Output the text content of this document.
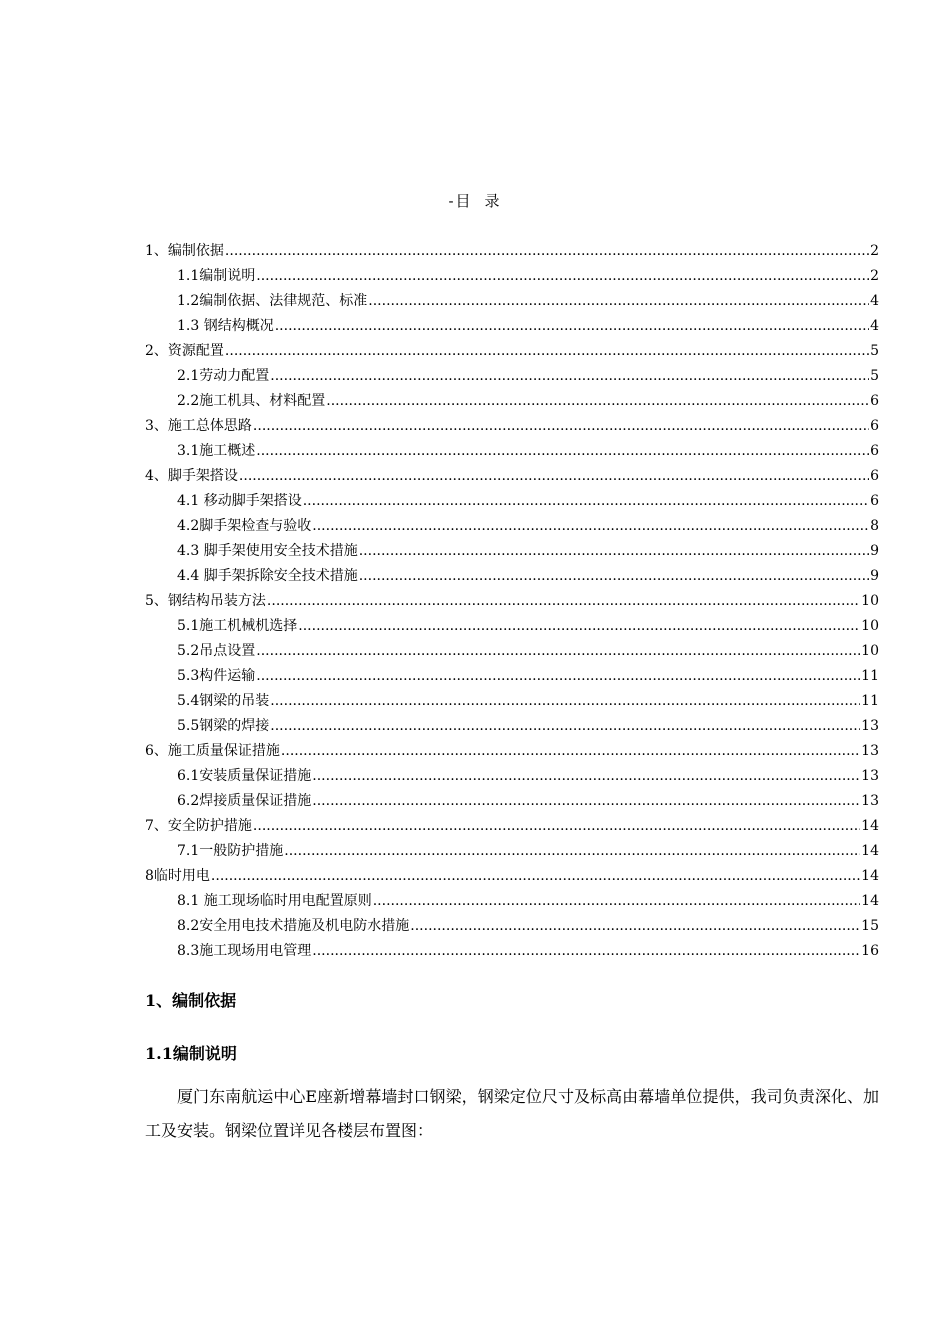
-目 录
1、编制依据 .....	2
1.1编制说明 .....	2
1.2编制依据、法律规范、标准 .....	4
1.3 钢结构概况 .....	4
2、资源配置 .....	5
2.1劳动力配置 .....	5
2.2施工机具、材料配置 .....	6
3、施工总体思路 .....	6
3.1施工概述 .....	6
4、脚手架搭设 .....	6
4.1 移动脚手架搭设 .....	6
4.2脚手架检查与验收 .....	8
4.3 脚手架使用安全技术措施 .....	9
4.4 脚手架拆除安全技术措施 .....	9
5、钢结构吊装方法 .....	10
5.1施工机械机选择 .....	10
5.2吊点设置 .....	10
5.3构件运输 .....	11
5.4钢梁的吊装 .....	11
5.5钢梁的焊接 .....	13
6、施工质量保证措施 .....	13
6.1安装质量保证措施 .....	13
6.2焊接质量保证措施 .....	13
7、安全防护措施 .....	14
7.1一般防护措施 .....	14
8临时用电 .....	14
8.1 施工现场临时用电配置原则 .....	14
8.2安全用电技术措施及机电防水措施 .....	15
8.3施工现场用电管理 .....	16
1、编制依据
1.1编制说明
厦门东南航运中心E座新增幕墙封口钢梁，钢梁定位尺寸及标高由幕墙单位提供，我司负责深化、加工及安装。钢梁位置详见各楼层布置图：
